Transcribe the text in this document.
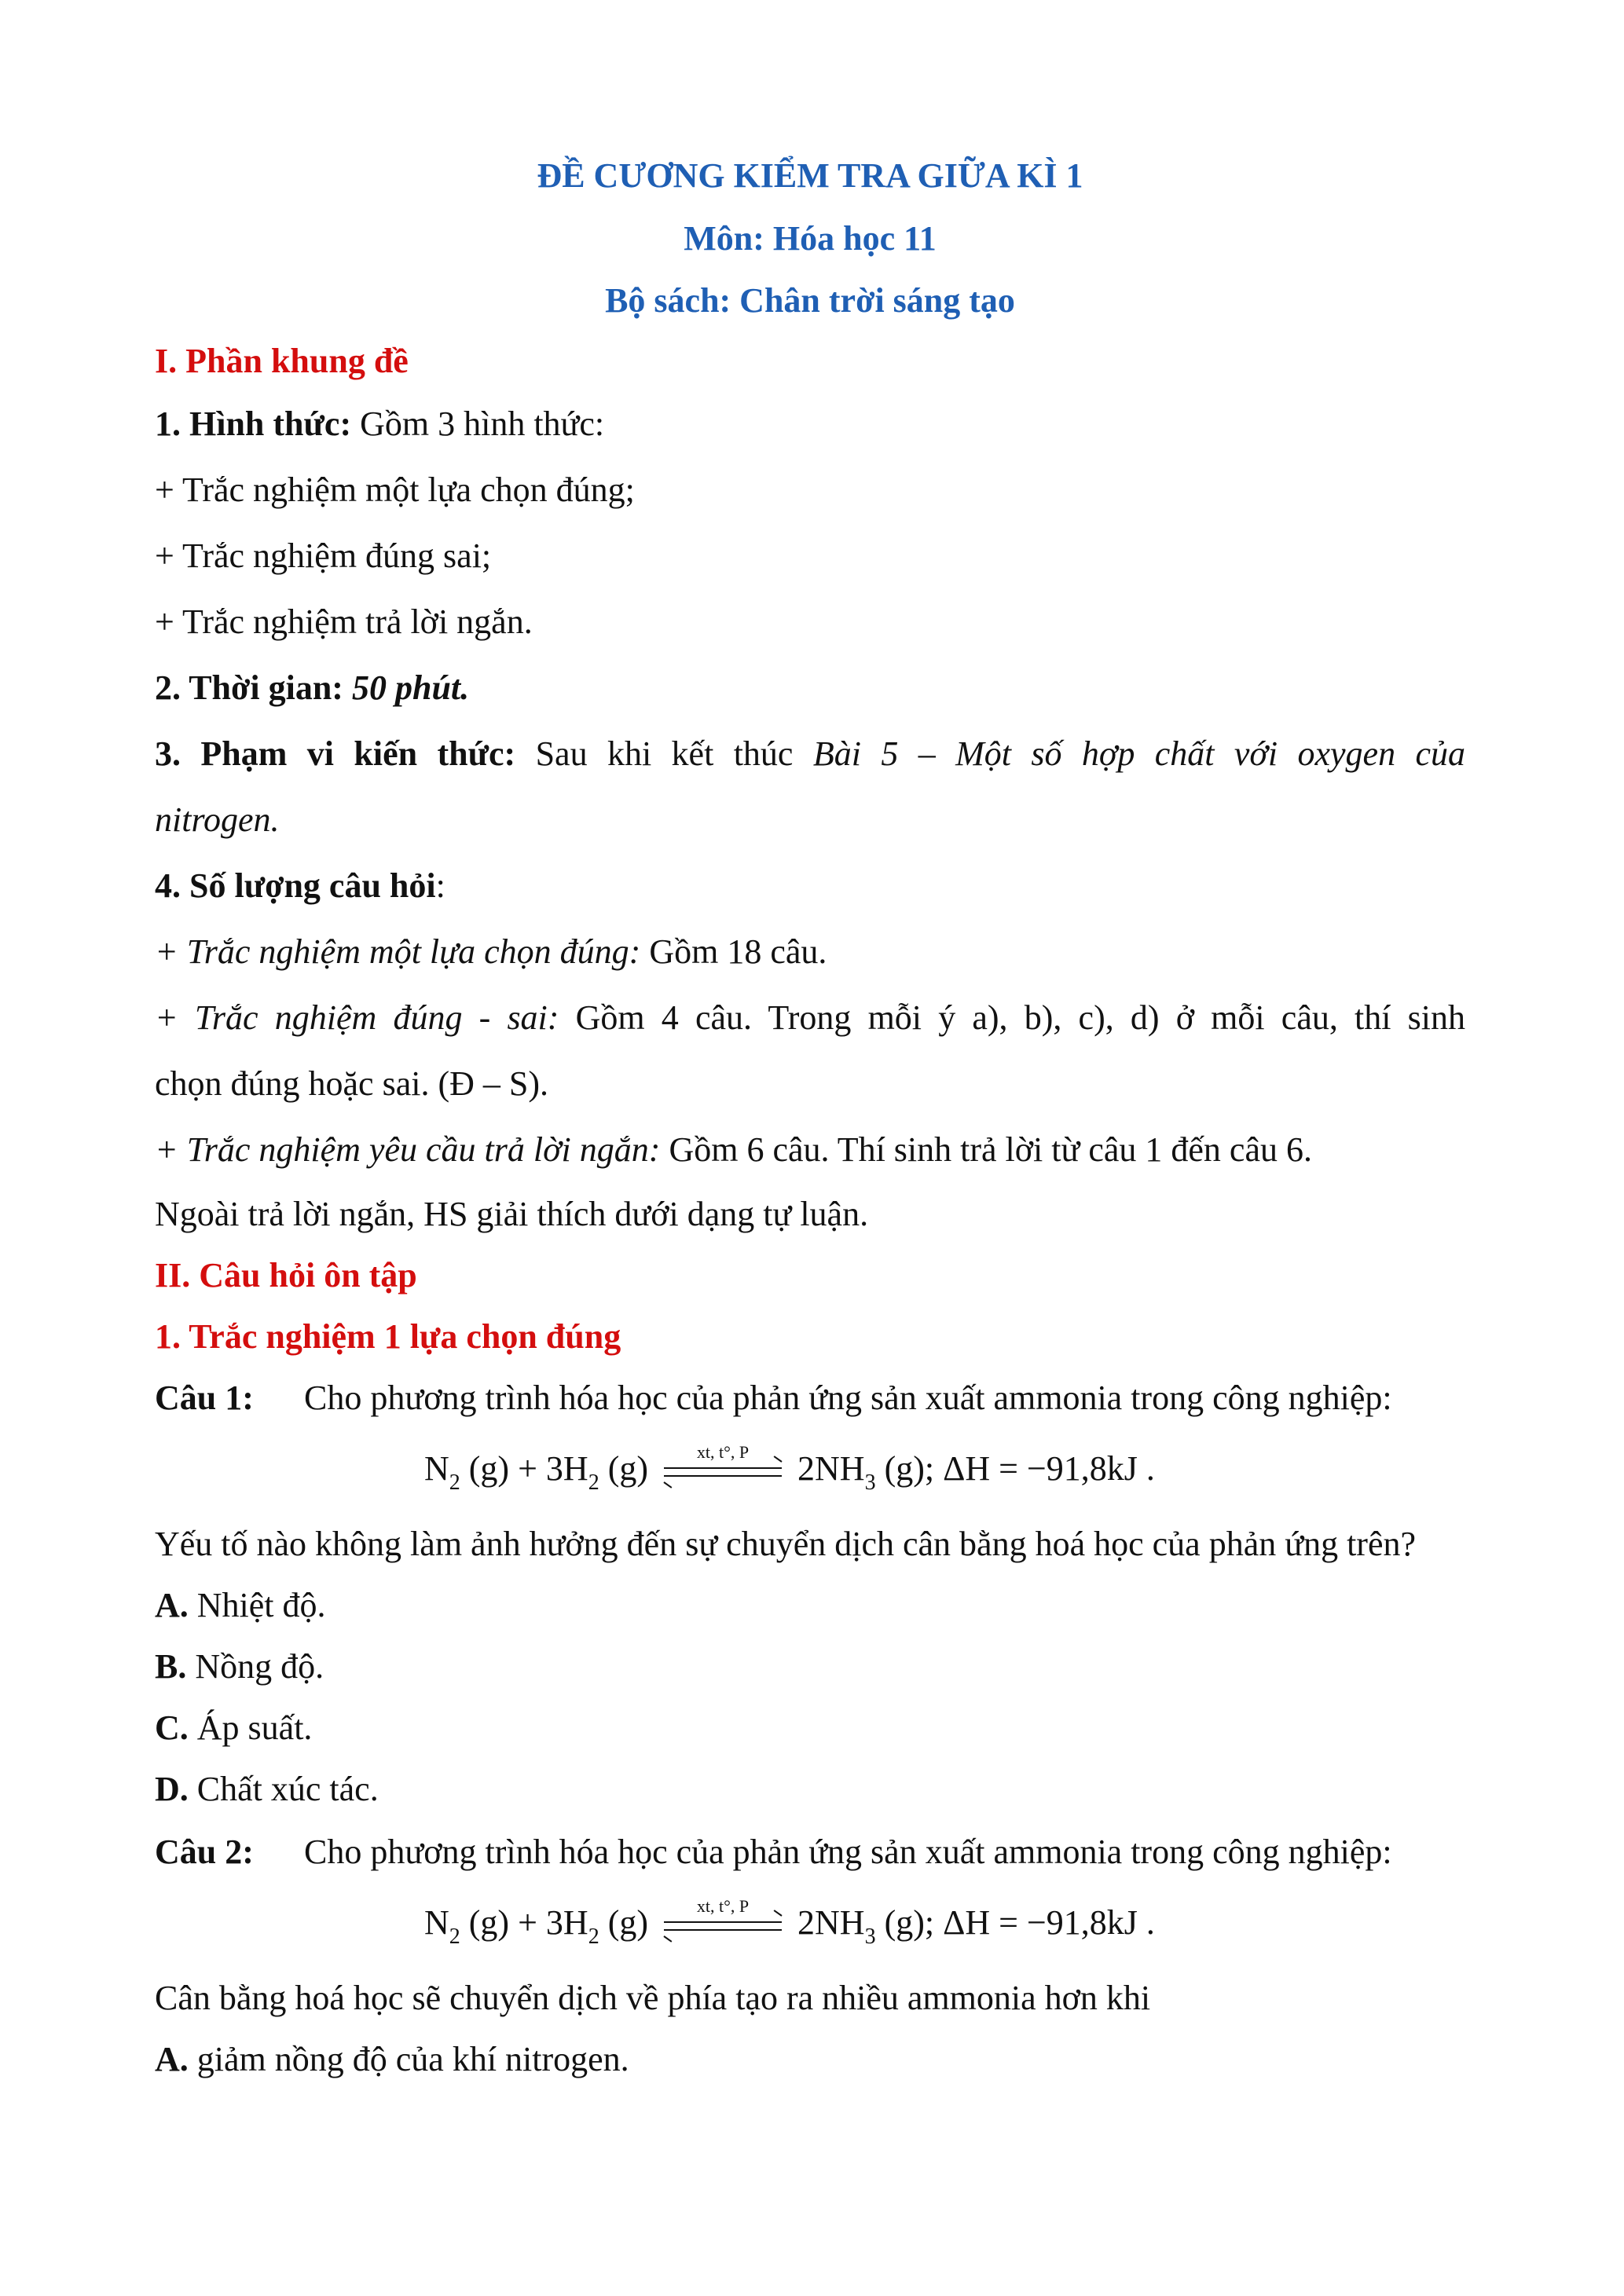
ĐỀ CƯƠNG KIỂM TRA GIỮA KÌ 1
Môn: Hóa học 11
Bộ sách: Chân trời sáng tạo
I. Phần khung đề
1. Hình thức: Gồm 3 hình thức:
+ Trắc nghiệm một lựa chọn đúng;
+ Trắc nghiệm đúng sai;
+ Trắc nghiệm trả lời ngắn.
2. Thời gian: 50 phút.
3. Phạm vi kiến thức: Sau khi kết thúc Bài 5 – Một số hợp chất với oxygen của
nitrogen.
4. Số lượng câu hỏi:
+ Trắc nghiệm một lựa chọn đúng: Gồm 18 câu.
+ Trắc nghiệm đúng - sai: Gồm 4 câu. Trong mỗi ý a), b), c), d) ở mỗi câu, thí sinh
chọn đúng hoặc sai. (Đ – S).
+ Trắc nghiệm yêu cầu trả lời ngắn: Gồm 6 câu. Thí sinh trả lời từ câu 1 đến câu 6.
Ngoài trả lời ngắn, HS giải thích dưới dạng tự luận.
II. Câu hỏi ôn tập
1. Trắc nghiệm 1 lựa chọn đúng
Câu 1: Cho phương trình hóa học của phản ứng sản xuất ammonia trong công nghiệp:
$N_2$ $(g) + 3H_2$ (g)	xt, t°, P	$2NH_3$ (g); ΔH = −91,8kJ .
Yếu tố nào không làm ảnh hưởng đến sự chuyển dịch cân bằng hoá học của phản ứng trên?
A. Nhiệt độ.
B. Nồng độ.
C. Áp suất.
D. Chất xúc tác.
Câu 2: Cho phương trình hóa học của phản ứng sản xuất ammonia trong công nghiệp:
$N_2$ $(g) + 3H_2$ (g)	xt, t°, P	$2NH_3$ (g); ΔH = −91,8kJ .
Cân bằng hoá học sẽ chuyển dịch về phía tạo ra nhiều ammonia hơn khi
A. giảm nồng độ của khí nitrogen.
